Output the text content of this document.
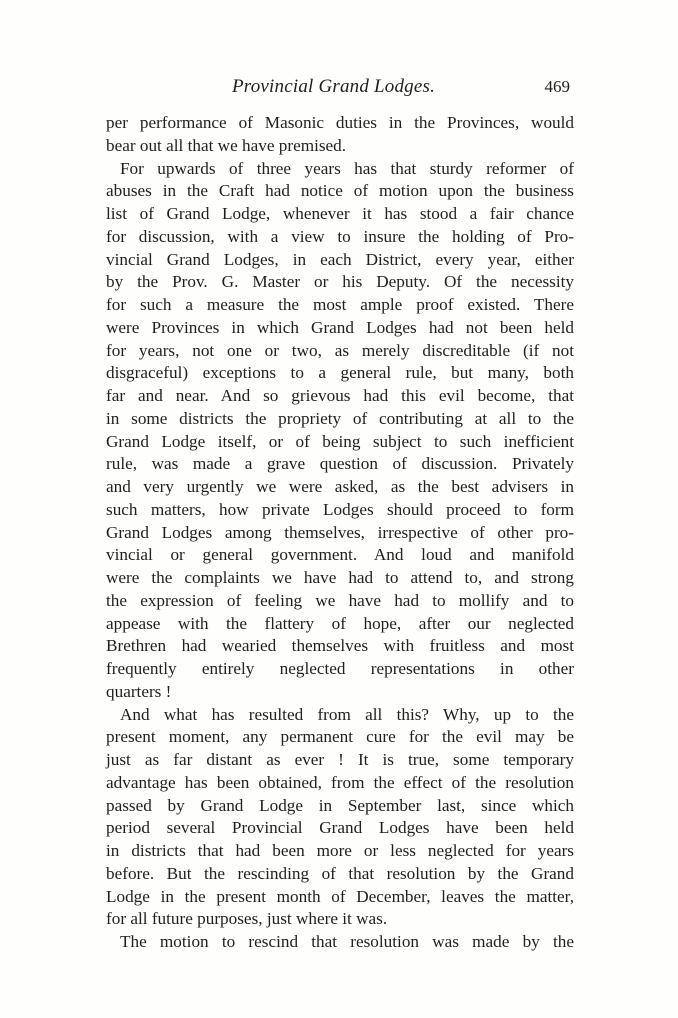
Provincial Grand Lodges.	469
per performance of Masonic duties in the Provinces, would
bear out all that we have premised.
For upwards of three years has that sturdy reformer of
abuses in the Craft had notice of motion upon the business
list of Grand Lodge, whenever it has stood a fair chance
for discussion, with a view to insure the holding of Pro-
vincial Grand Lodges, in each District, every year, either
by the Prov. G. Master or his Deputy. Of the necessity
for such a measure the most ample proof existed. There
were Provinces in which Grand Lodges had not been held
for years, not one or two, as merely discreditable (if not
disgraceful) exceptions to a general rule, but many, both
far and near. And so grievous had this evil become, that
in some districts the propriety of contributing at all to the
Grand Lodge itself, or of being subject to such inefficient
rule, was made a grave question of discussion. Privately
and very urgently we were asked, as the best advisers in
such matters, how private Lodges should proceed to form
Grand Lodges among themselves, irrespective of other pro-
vincial or general government. And loud and manifold
were the complaints we have had to attend to, and strong
the expression of feeling we have had to mollify and to
appease with the flattery of hope, after our neglected
Brethren had wearied themselves with fruitless and most
frequently entirely neglected representations in other
quarters !
And what has resulted from all this? Why, up to the
present moment, any permanent cure for the evil may be
just as far distant as ever ! It is true, some temporary
advantage has been obtained, from the effect of the resolution
passed by Grand Lodge in September last, since which
period several Provincial Grand Lodges have been held
in districts that had been more or less neglected for years
before. But the rescinding of that resolution by the Grand
Lodge in the present month of December, leaves the matter,
for all future purposes, just where it was.
The motion to rescind that resolution was made by the
